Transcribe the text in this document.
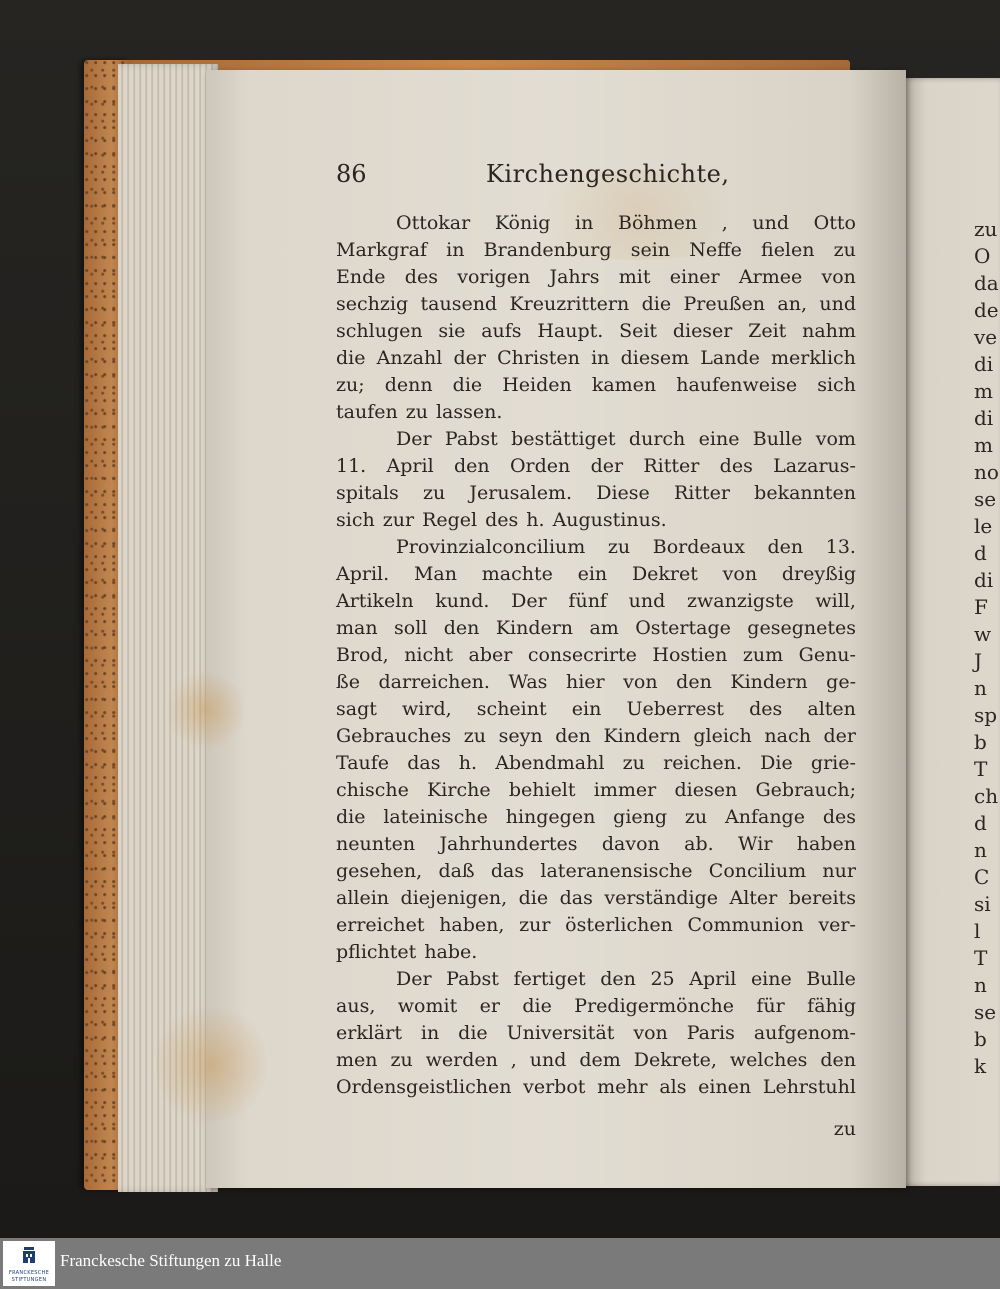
zu
O
da
de
ve
di
m
di
m
no
se
le
d
di
F
w
J
n
sp
b
T
ch
d
n
C
si
l
T
n
se
b
k
86	Kirchengeschichte,
Ottokar König in Böhmen , und Otto
Markgraf in Brandenburg sein Neffe fielen zu
Ende des vorigen Jahrs mit einer Armee von
sechzig tausend Kreuzrittern die Preußen an, und
schlugen sie aufs Haupt. Seit dieser Zeit nahm
die Anzahl der Christen in diesem Lande merklich
zu; denn die Heiden kamen haufenweise sich
taufen zu lassen.
Der Pabst bestättiget durch eine Bulle vom
11. April den Orden der Ritter des Lazarus-
spitals zu Jerusalem. Diese Ritter bekannten
sich zur Regel des h. Augustinus.
Provinzialconcilium zu Bordeaux den 13.
April. Man machte ein Dekret von dreyßig
Artikeln kund. Der fünf und zwanzigste will,
man soll den Kindern am Ostertage gesegnetes
Brod, nicht aber consecrirte Hostien zum Genu-
ße darreichen. Was hier von den Kindern ge-
sagt wird, scheint ein Ueberrest des alten
Gebrauches zu seyn den Kindern gleich nach der
Taufe das h. Abendmahl zu reichen. Die grie-
chische Kirche behielt immer diesen Gebrauch;
die lateinische hingegen gieng zu Anfange des
neunten Jahrhundertes davon ab. Wir haben
gesehen, daß das lateranensische Concilium nur
allein diejenigen, die das verständige Alter bereits
erreichet haben, zur österlichen Communion ver-
pflichtet habe.
Der Pabst fertiget den 25 April eine Bulle
aus, womit er die Predigermönche für fähig
erklärt in die Universität von Paris aufgenom-
men zu werden , und dem Dekrete, welches den
Ordensgeistlichen verbot mehr als einen Lehrstuhl
zu
FRANCKESCHE
STIFTUNGEN
Franckesche Stiftungen zu Halle
